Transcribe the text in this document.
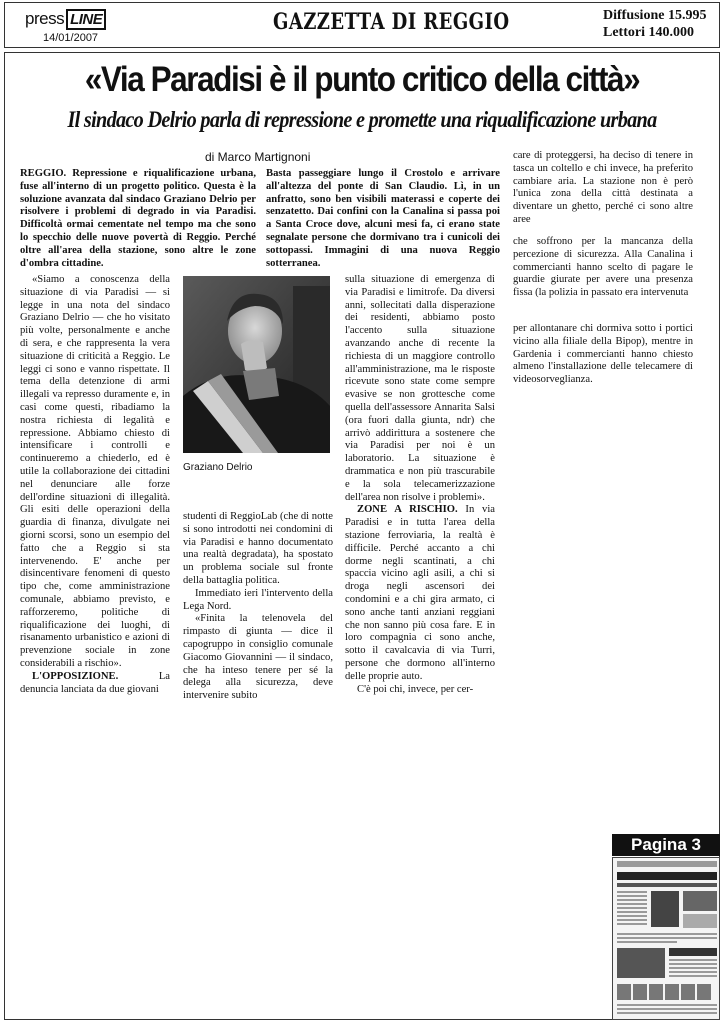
press LINE
14/01/2007
GAZZETTA DI REGGIO	Diffusione 15.995
Lettori 140.000
«Via Paradisi è il punto critico della città»
Il sindaco Delrio parla di repressione e promette una riqualificazione urbana
di Marco Martignoni

REGGIO. Repressione e riqualificazione urbana, fuse all'interno di un progetto politico. Questa è la soluzione avanzata dal sindaco Graziano Delrio per risolvere i problemi di degrado in via Paradisi. Difficoltà ormai cementate nel tempo ma che sono lo specchio delle nuove povertà di Reggio. Perché oltre all'area della stazione, sono altre le zone d'ombra cittadine.

Basta passeggiare lungo il Crostolo e arrivare all'altezza del ponte di San Claudio. Lì, in un anfratto, sono ben visibili materassi e coperte dei senzatetto. Dai confini con la Canalina si passa poi a Santa Croce dove, alcuni mesi fa, ci erano state segnalate persone che dormivano tra i cunicoli dei sottopassi. Immagini di una nuova Reggio sotterranea.

«Siamo a conoscenza della situazione di via Paradisi — si legge in una nota del sindaco Graziano Delrio — che ho visitato più volte, personalmente e anche di sera, e che rappresenta la vera situazione di criticità a Reggio. Le leggi ci sono e vanno rispettate. Il tema della detenzione di armi illegali va represso duramente e, in casi come questi, ribadiamo la nostra richiesta di legalità e repressione. Abbiamo chiesto di intensificare i controlli e continueremo a chiederlo, ed è utile la collaborazione dei cittadini nel denunciare alle forze dell'ordine situazioni di illegalità. Gli esiti delle operazioni della guardia di finanza, divulgate nei giorni scorsi, sono un esempio del fatto che a Reggio si sta intervenendo. E' anche per disincentivare fenomeni di questo tipo che, come amministrazione comunale, abbiamo previsto, e rafforzeremo, politiche di riqualificazione dei luoghi, di risanamento urbanistico e azioni di prevenzione sociale in zone considerabili a rischio».

L'OPPOSIZIONE. La denuncia lanciata da due giovani

Graziano Delrio

studenti di ReggioLab (che di notte si sono introdotti nei condomini di via Paradisi e hanno documentato una realtà degradata), ha spostato un problema sociale sul fronte della battaglia politica.

Immediato ieri l'intervento della Lega Nord.

«Finita la telenovela del rimpasto di giunta — dice il capogruppo in consiglio comunale Giacomo Giovannini — il sindaco, che ha inteso tenere per sé la delega alla sicurezza, deve intervenire subito

sulla situazione di emergenza di via Paradisi e limitrofe. Da diversi anni, sollecitati dalla disperazione dei residenti, abbiamo posto l'accento sulla situazione avanzando anche di recente la richiesta di un maggiore controllo all'amministrazione, ma le risposte ricevute sono state come sempre evasive se non grottesche come quella dell'assessore Annarita Salsi (ora fuori dalla giunta, ndr) che arrivò addirittura a sostenere che via Paradisi per noi è un laboratorio. La situazione è drammatica e non più trascurabile e la sola telecamerizzazione dell'area non risolve i problemi».

ZONE A RISCHIO. In via Paradisi e in tutta l'area della stazione ferroviaria, la realtà è difficile. Perché accanto a chi dorme negli scantinati, a chi spaccia vicino agli asili, a chi si droga negli ascensori dei condomini e a chi gira armato, ci sono anche tanti anziani reggiani che non sanno più cosa fare. E in loro compagnia ci sono anche, sotto il cavalcavia di via Turri, persone che dormono all'interno delle proprie auto.

C'è poi chi, invece, per cer-

care di proteggersi, ha deciso di tenere in tasca un coltello e chi invece, ha preferito cambiare aria. La stazione non è però l'unica zona della città destinata a diventare un ghetto, perché ci sono altre aree

che soffrono per la mancanza della percezione di sicurezza. Alla Canalina i commercianti hanno scelto di pagare le guardie giurate per avere una presenza fissa (la polizia in passato era intervenuta

per allontanare chi dormiva sotto i portici vicino alla filiale della Bipop), mentre in Gardenia i commercianti hanno chiesto almeno l'installazione delle telecamere di videosorveglianza.

Pagina 3
